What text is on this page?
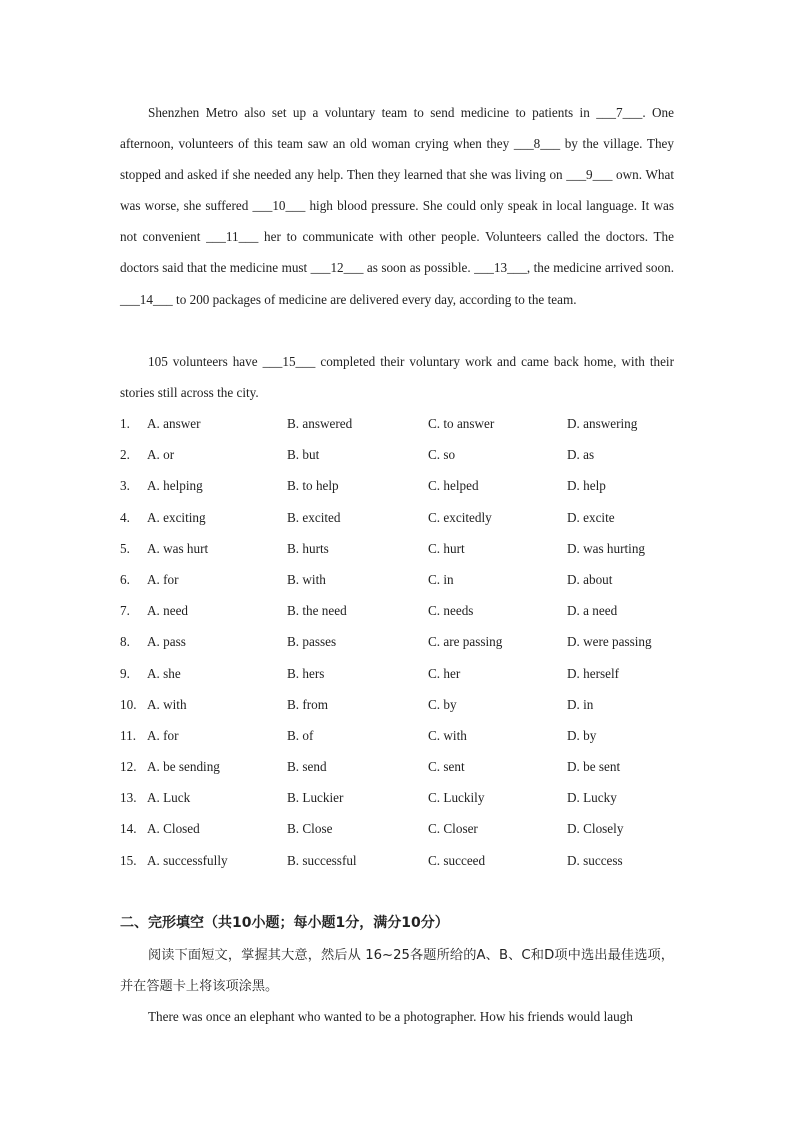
Shenzhen Metro also set up a voluntary team to send medicine to patients in ___7___. One afternoon, volunteers of this team saw an old woman crying when they ___8___ by the village. They stopped and asked if she needed any help. Then they learned that she was living on ___9___ own. What was worse, she suffered ___10___ high blood pressure. She could only speak in local language. It was not convenient ___11___ her to communicate with other people. Volunteers called the doctors. The doctors said that the medicine must ___12___ as soon as possible. ___13___, the medicine arrived soon. ___14___ to 200 packages of medicine are delivered every day, according to the team.

105 volunteers have ___15___ completed their voluntary work and came back home, with their stories still across the city.

1. A. answer	B. answered	C. to answer	D. answering
2. A. or	B. but	C. so	D. as
3. A. helping	B. to help	C. helped	D. help
4. A. exciting	B. excited	C. excitedly	D. excite
5. A. was hurt	B. hurts	C. hurt	D. was hurting
6. A. for	B. with	C. in	D. about
7. A. need	B. the need	C. needs	D. a need
8. A. pass	B. passes	C. are passing	D. were passing
9. A. she	B. hers	C. her	D. herself
10. A. with	B. from	C. by	D. in
11. A. for	B. of	C. with	D. by
12. A. be sending	B. send	C. sent	D. be sent
13. A. Luck	B. Luckier	C. Luckily	D. Lucky
14. A. Closed	B. Close	C. Closer	D. Closely
15. A. successfully	B. successful	C. succeed	D. success
二、完形填空（共10小题；每小题1分，满分10分）

阅读下面短文，掌握其大意，然后从 16~25各题所给的A、B、C和D项中选出最佳选项，并在答题卡上将该项涂黑。

There was once an elephant who wanted to be a photographer. How his friends would laugh
